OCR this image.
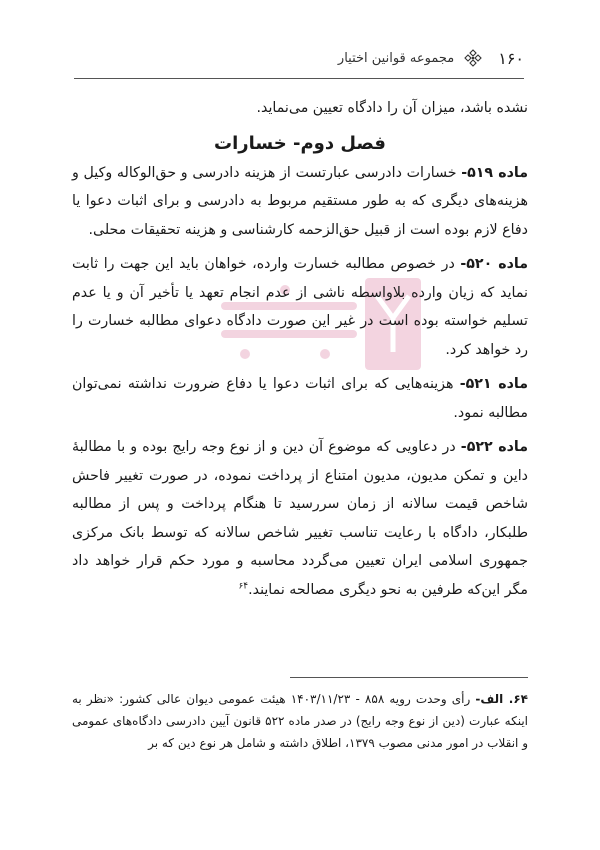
۱۶۰
مجموعه قوانین اختیار

نشده باشد، میزان آن را دادگاه تعیین می‌نماید.

فصل دوم- خسارات

ماده ۵۱۹- خسارات دادرسی عبارتست از هزینه دادرسی و حق‌الوکاله وکیل و هزینه‌های دیگری که به طور مستقیم مربوط به دادرسی و برای اثبات دعوا یا دفاع لازم بوده است از قبیل حق‌الزحمه کارشناسی و هزینه تحقیقات محلی.

ماده ۵۲۰- در خصوص مطالبه خسارت وارده، خواهان باید این جهت را ثابت نماید که زیان وارده بلاواسطه ناشی از عدم انجام تعهد یا تأخیر آن و یا عدم تسلیم خواسته بوده است در غیر این صورت دادگاه دعوای مطالبه خسارت را رد خواهد کرد.

ماده ۵۲۱- هزینه‌هایی که برای اثبات دعوا یا دفاع ضرورت نداشته نمی‌توان مطالبه نمود.

ماده ۵۲۲- در دعاویی که موضوع آن دین و از نوع وجه رایج بوده و با مطالبهٔ داین و تمکن مدیون، مدیون امتناع از پرداخت نموده، در صورت تغییر فاحش شاخص قیمت سالانه از زمان سررسید تا هنگام پرداخت و پس از مطالبه طلبکار، دادگاه با رعایت تناسب تغییر شاخص سالانه که توسط بانک مرکزی جمهوری اسلامی ایران تعیین می‌گردد محاسبه و مورد حکم قرار خواهد داد مگر این‌که طرفین به نحو دیگری مصالحه نمایند.$^{۶۴}$

۶۴. الف- رأی وحدت رویه ۸۵۸ - ۱۴۰۳/۱۱/۲۳ هیئت عمومی دیوان عالی کشور: «نظر به اینکه عبارت (دین از نوع وجه رایج) در صدر ماده ۵۲۲ قانون آیین دادرسی دادگاه‌های عمومی و انقلاب در امور مدنی مصوب ۱۳۷۹، اطلاق داشته و شامل هر نوع دین که بر
